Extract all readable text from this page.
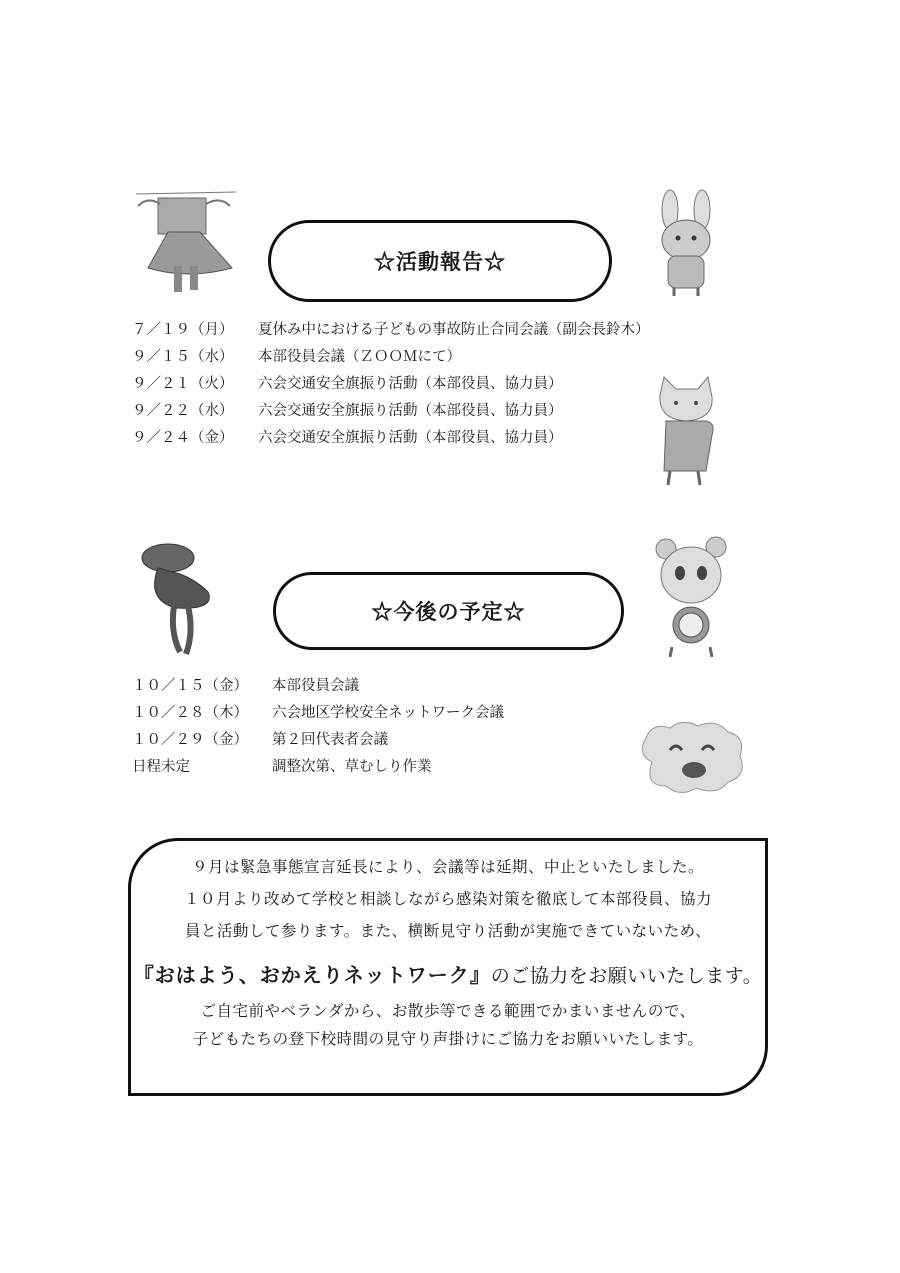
☆活動報告☆
７／１９（月） 夏休み中における子どもの事故防止合同会議（副会長鈴木）
９／１５（水） 本部役員会議（ＺＯＯＭにて）
９／２１（火） 六会交通安全旗振り活動（本部役員、協力員）
９／２２（水） 六会交通安全旗振り活動（本部役員、協力員）
９／２４（金） 六会交通安全旗振り活動（本部役員、協力員）
☆今後の予定☆
１０／１５（金） 本部役員会議
１０／２８（木） 六会地区学校安全ネットワーク会議
１０／２９（金） 第２回代表者会議
日程未定	調整次第、草むしり作業
９月は緊急事態宣言延長により、会議等は延期、中止といたしました。
１０月より改めて学校と相談しながら感染対策を徹底して本部役員、協力
員と活動して参ります。また、横断見守り活動が実施できていないため、
『おはよう、おかえりネットワーク』のご協力をお願いいたします。
ご自宅前やベランダから、お散歩等できる範囲でかまいませんので、
子どもたちの登下校時間の見守り声掛けにご協力をお願いいたします。
